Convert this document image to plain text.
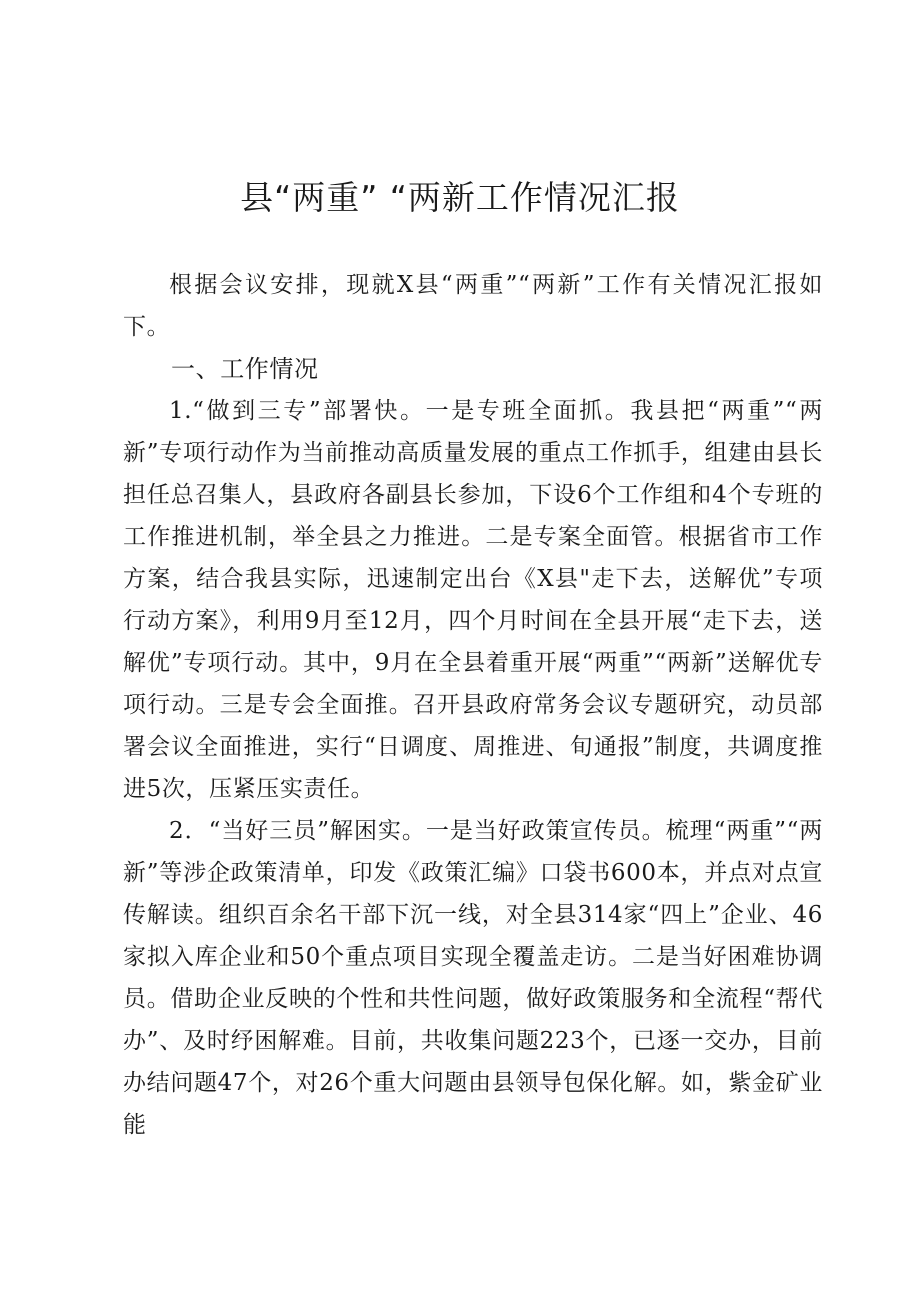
县“两重” “两新工作情况汇报

根据会议安排，现就X县“两重”“两新”工作有关情况汇报如下。

一、工作情况

1.“做到三专”部署快。一是专班全面抓。我县把“两重”“两新”专项行动作为当前推动高质量发展的重点工作抓手，组建由县长担任总召集人，县政府各副县长参加，下设6个工作组和4个专班的工作推进机制，举全县之力推进。二是专案全面管。根据省市工作方案，结合我县实际，迅速制定出台《X县"走下去，送解优”专项行动方案》，利用9月至12月，四个月时间在全县开展“走下去，送解优”专项行动。其中，9月在全县着重开展“两重”“两新”送解优专项行动。三是专会全面推。召开县政府常务会议专题研究，动员部署会议全面推进，实行“日调度、周推进、旬通报”制度，共调度推进5次，压紧压实责任。

2．“当好三员”解困实。一是当好政策宣传员。梳理“两重”“两新”等涉企政策清单，印发《政策汇编》口袋书600本，并点对点宣传解读。组织百余名干部下沉一线，对全县314家“四上”企业、46家拟入库企业和50个重点项目实现全覆盖走访。二是当好困难协调员。借助企业反映的个性和共性问题，做好政策服务和全流程“帮代办”、及时纾困解难。目前，共收集问题223个，已逐一交办，目前办结问题47个，对26个重大问题由县领导包保化解。如，紫金矿业能
